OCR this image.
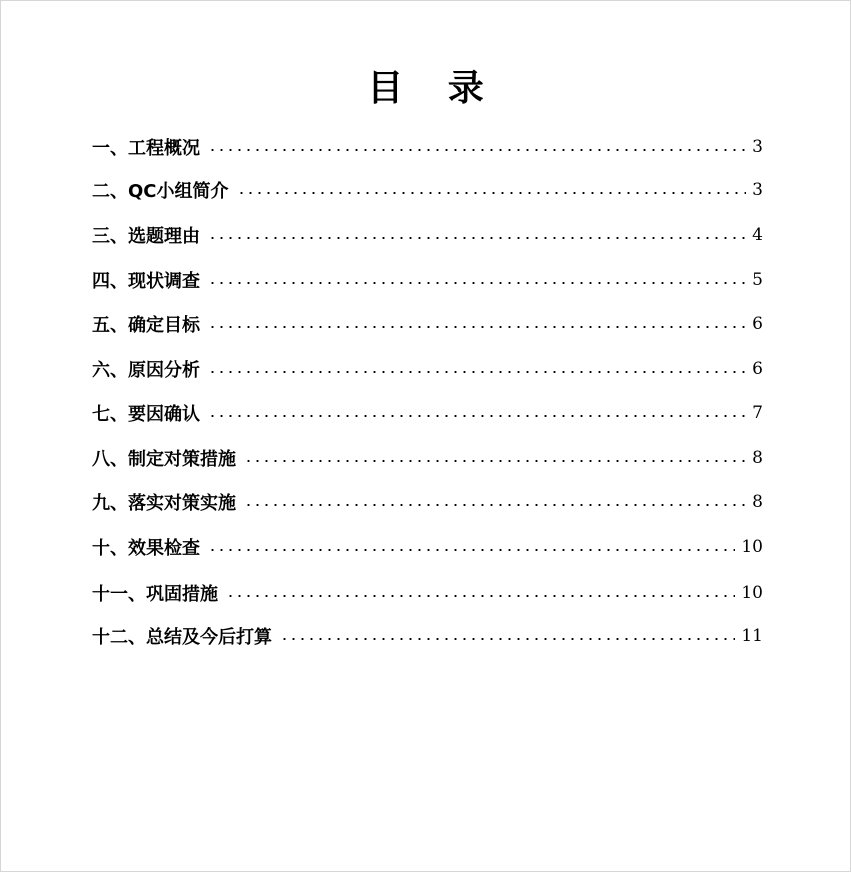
目 录
一、工程概况	3
二、QC小组简介	3
三、选题理由	4
四、现状调查	5
五、确定目标	6
六、原因分析	6
七、要因确认	7
八、制定对策措施	8
九、落实对策实施	8
十、效果检查	10
十一、巩固措施	10
十二、总结及今后打算	11
